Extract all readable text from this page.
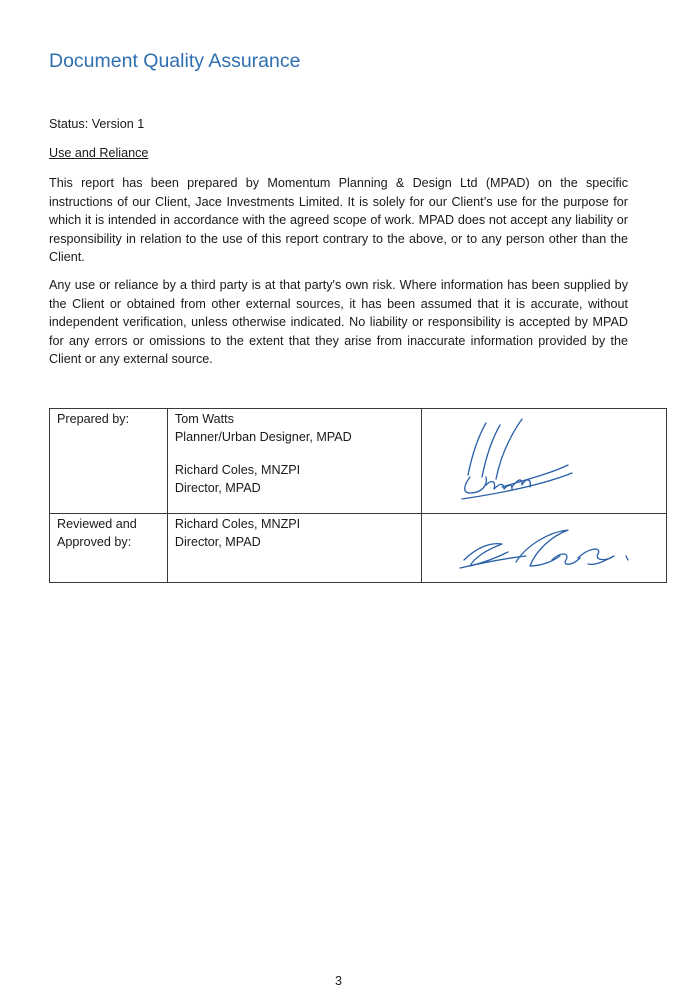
Document Quality Assurance
Status: Version 1
Use and Reliance

This report has been prepared by Momentum Planning & Design Ltd (MPAD) on the specific instructions of our Client, Jace Investments Limited. It is solely for our Client’s use for the purpose for which it is intended in accordance with the agreed scope of work. MPAD does not accept any liability or responsibility in relation to the use of this report contrary to the above, or to any person other than the Client.

Any use or reliance by a third party is at that party's own risk. Where information has been supplied by the Client or obtained from other external sources, it has been assumed that it is accurate, without independent verification, unless otherwise indicated. No liability or responsibility is accepted by MPAD for any errors or omissions to the extent that they arise from inaccurate information provided by the Client or any external source.

Prepared by:	Tom Watts
Planner/Urban Designer, MPAD
Richard Coles, MNZPI
Director, MPAD

Reviewed and
Approved by:	Richard Coles, MNZPI
Director, MPAD

3
